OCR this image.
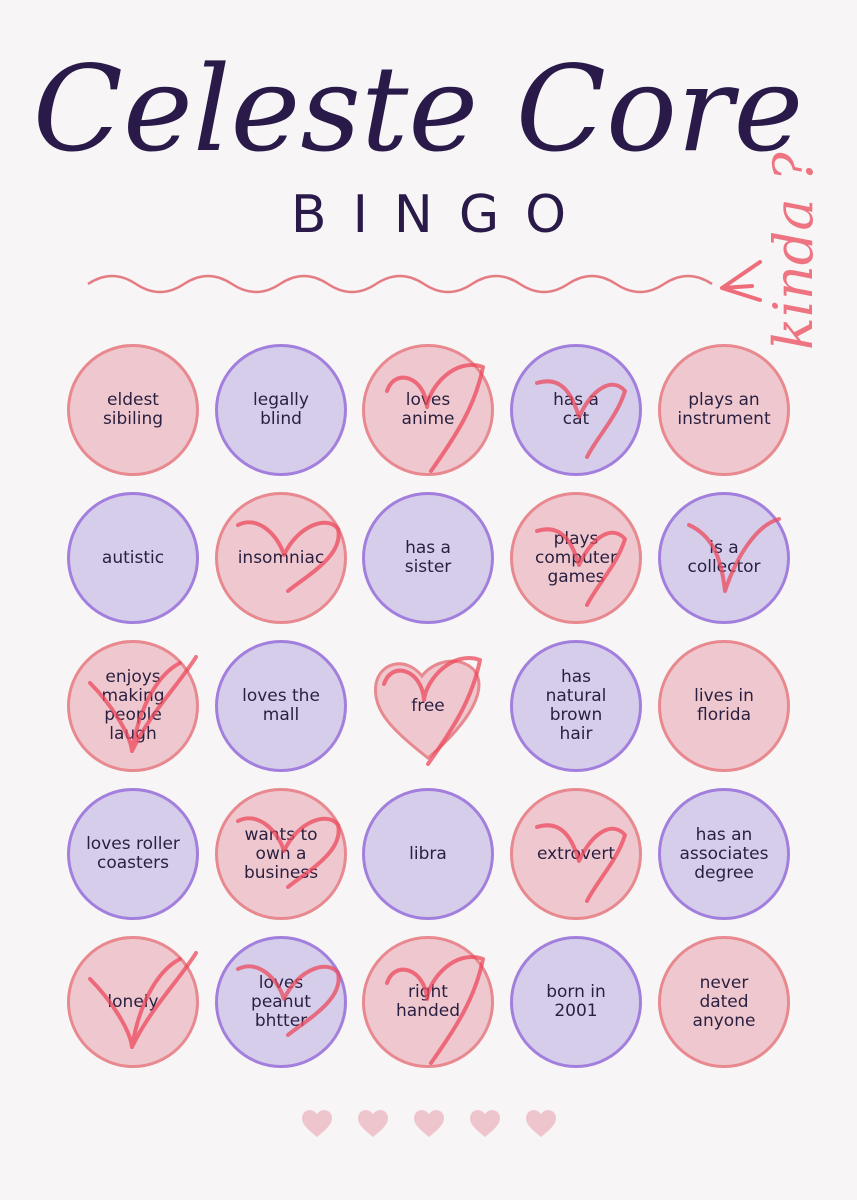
Celeste Core
BINGO	kinda ?
eldest
sibiling
legally
blind
loves
anime
has a
cat
plays an
instrument
autistic	insomniac	has a
sister
plays
computer
games
is a
collector
enjoys
making
people
laugh
loves the
mall	free
has
natural
brown
hair
lives in
florida
loves roller
coasters
wants to
own a
business
libra	extrovert
has an
associates
degree
lonely
loves
peanut
bhtter
right
handed
born in
2001
never
dated
anyone
